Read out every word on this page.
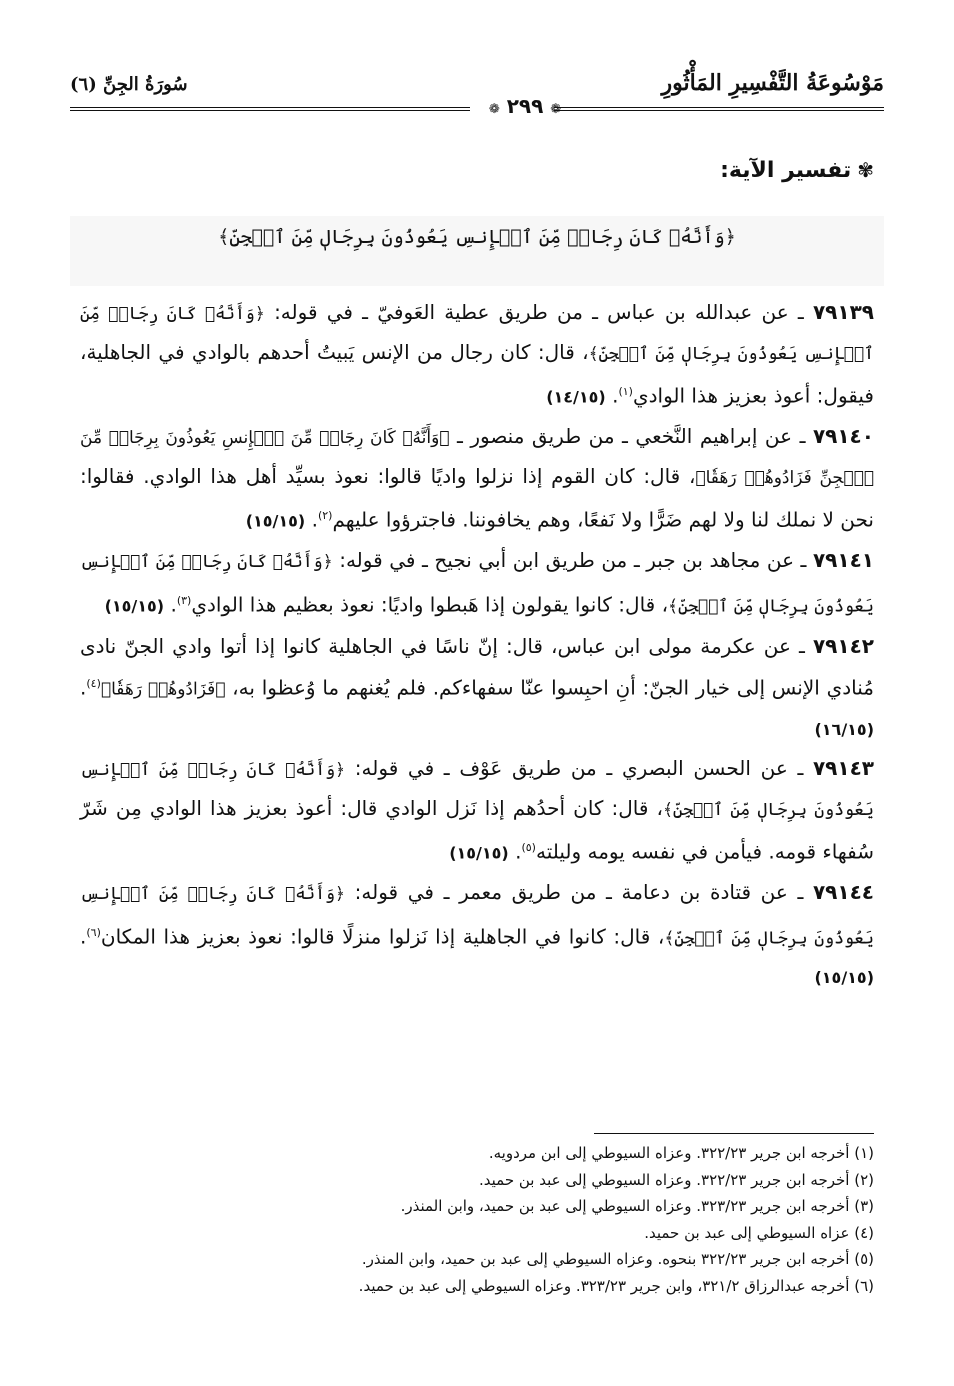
مَوْسُوعَةُ التَّفْسِيرِ المَأْثُورِ
❁ ٢٩٩ ❁
سُورَةُ الجِنِّ (٦)
✾تفسير الآية:
﴿وَأَنَّهُۥ كَانَ رِجَالٞ مِّنَ ٱلۡإِنسِ يَعُوذُونَ بِرِجَالٖ مِّنَ ٱلۡجِنِّ﴾

٧٩١٣٩ ـ عن عبدالله بن عباس ـ من طريق عطية العَوفيّ ـ في قوله: ﴿وَأَنَّهُۥ كَانَ رِجَالٞ مِّنَ ٱلۡإِنسِ يَعُوذُونَ بِرِجَالٖ مِّنَ ٱلۡجِنِّ﴾، قال: كان رجال من الإنس يَبيتُ أحدهم بالوادي في الجاهلية، فيقول: أعوذ بعزيز هذا الوادي$^{(١)}$. (١٤/١٥)

٧٩١٤٠ ـ عن إبراهيم النَّخعي ـ من طريق منصور ـ ﴿وَأَنَّهُۥ كَانَ رِجَالٞ مِّنَ ٱلۡإِنسِ يَعُوذُونَ بِرِجَالٖ مِّنَ ٱلۡجِنِّ فَزَادُوهُمۡ رَهَقٗا﴾، قال: كان القوم إذا نزلوا واديًا قالوا: نعوذ بسيِّد أهل هذا الوادي. فقالوا: نحن لا نملك لنا ولا لهم ضَرًّا ولا نَفعًا، وهم يخافوننا. فاجترؤوا عليهم$^{(٢)}$. (١٥/١٥)

٧٩١٤١ ـ عن مجاهد بن جبر ـ من طريق ابن أبي نجيح ـ في قوله: ﴿وَأَنَّهُۥ كَانَ رِجَالٞ مِّنَ ٱلۡإِنسِ يَعُوذُونَ بِرِجَالٖ مِّنَ ٱلۡجِنِّ﴾، قال: كانوا يقولون إذا هَبطوا واديًا: نعوذ بعظيم هذا الوادي$^{(٣)}$. (١٥/١٥)

٧٩١٤٢ ـ عن عكرمة مولى ابن عباس، قال: إنّ ناسًا في الجاهلية كانوا إذا أتوا وادي الجنّ نادى مُنادي الإنس إلى خيار الجنّ: أنِ احبِسوا عنّا سفهاءكم. فلم يُغنهم ما وُعظوا به، ﴿فَزَادُوهُمۡ رَهَقٗا﴾$^{(٤)}$. (١٦/١٥)

٧٩١٤٣ ـ عن الحسن البصري ـ من طريق عَوْف ـ في قوله: ﴿وَأَنَّهُۥ كَانَ رِجَالٞ مِّنَ ٱلۡإِنسِ يَعُوذُونَ بِرِجَالٖ مِّنَ ٱلۡجِنِّ﴾، قال: كان أحدُهم إذا نَزل الوادي قال: أعوذ بعزيز هذا الوادي مِن شَرّ سُفهاء قومه. فيأمن في نفسه يومه وليلته$^{(٥)}$. (١٥/١٥)

٧٩١٤٤ ـ عن قتادة بن دعامة ـ من طريق معمر ـ في قوله: ﴿وَأَنَّهُۥ كَانَ رِجَالٞ مِّنَ ٱلۡإِنسِ يَعُوذُونَ بِرِجَالٖ مِّنَ ٱلۡجِنِّ﴾، قال: كانوا في الجاهلية إذا نَزلوا منزلًا قالوا: نعوذ بعزيز هذا المكان$^{(٦)}$. (١٥/١٥)

(١) أخرجه ابن جرير ٣٢٢/٢٣. وعزاه السيوطي إلى ابن مردويه.
(٢) أخرجه ابن جرير ٣٢٢/٢٣. وعزاه السيوطي إلى عبد بن حميد.
(٣) أخرجه ابن جرير ٣٢٣/٢٣. وعزاه السيوطي إلى عبد بن حميد، وابن المنذر.
(٤) عزاه السيوطي إلى عبد بن حميد.
(٥) أخرجه ابن جرير ٣٢٢/٢٣ بنحوه. وعزاه السيوطي إلى عبد بن حميد، وابن المنذر.
(٦) أخرجه عبدالرزاق ٣٢١/٢، وابن جرير ٣٢٣/٢٣. وعزاه السيوطي إلى عبد بن حميد.
